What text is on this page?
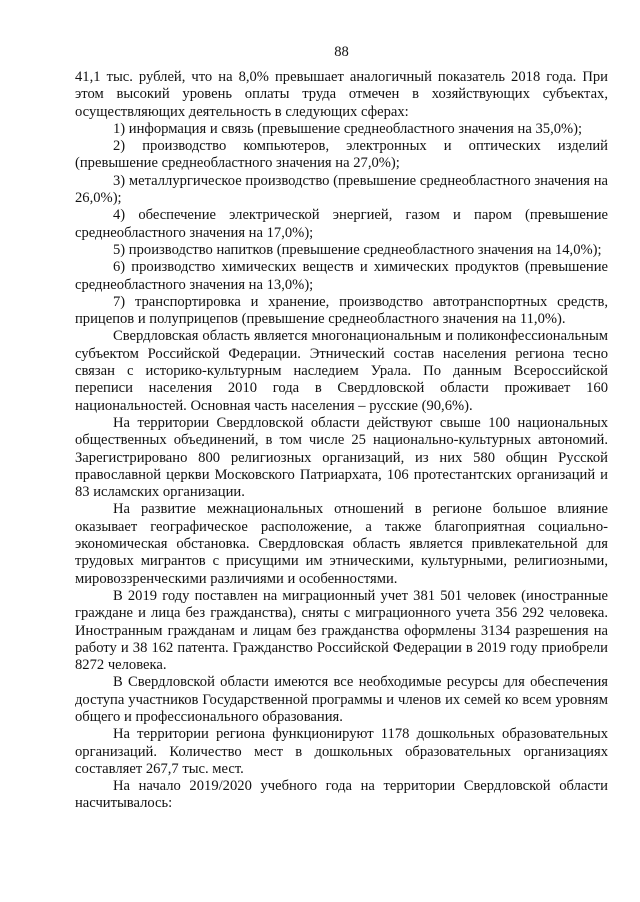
88

41,1 тыс. рублей, что на 8,0% превышает аналогичный показатель 2018 года. При этом высокий уровень оплаты труда отмечен в хозяйствующих субъектах, осуществляющих деятельность в следующих сферах:

1) информация и связь (превышение среднеобластного значения на 35,0%);

2) производство компьютеров, электронных и оптических изделий (превышение среднеобластного значения на 27,0%);

3) металлургическое производство (превышение среднеобластного значения на 26,0%);

4) обеспечение электрической энергией, газом и паром (превышение среднеобластного значения на 17,0%);

5) производство напитков (превышение среднеобластного значения на 14,0%);

6) производство химических веществ и химических продуктов (превышение среднеобластного значения на 13,0%);

7) транспортировка и хранение, производство автотранспортных средств, прицепов и полуприцепов (превышение среднеобластного значения на 11,0%).

Свердловская область является многонациональным и поликонфессиональным субъектом Российской Федерации. Этнический состав населения региона тесно связан с историко-культурным наследием Урала. По данным Всероссийской переписи населения 2010 года в Свердловской области проживает 160 национальностей. Основная часть населения – русские (90,6%).

На территории Свердловской области действуют свыше 100 национальных общественных объединений, в том числе 25 национально-культурных автономий. Зарегистрировано 800 религиозных организаций, из них 580 общин Русской православной церкви Московского Патриархата, 106 протестантских организаций и 83 исламских организации.

На развитие межнациональных отношений в регионе большое влияние оказывает географическое расположение, а также благоприятная социально-экономическая обстановка. Свердловская область является привлекательной для трудовых мигрантов с присущими им этническими, культурными, религиозными, мировоззренческими различиями и особенностями.

В 2019 году поставлен на миграционный учет 381 501 человек (иностранные граждане и лица без гражданства), сняты с миграционного учета 356 292 человека. Иностранным гражданам и лицам без гражданства оформлены 3134 разрешения на работу и 38 162 патента. Гражданство Российской Федерации в 2019 году приобрели 8272 человека.

В Свердловской области имеются все необходимые ресурсы для обеспечения доступа участников Государственной программы и членов их семей ко всем уровням общего и профессионального образования.

На территории региона функционируют 1178 дошкольных образовательных организаций. Количество мест в дошкольных образовательных организациях составляет 267,7 тыс. мест.

На начало 2019/2020 учебного года на территории Свердловской области насчитывалось:
